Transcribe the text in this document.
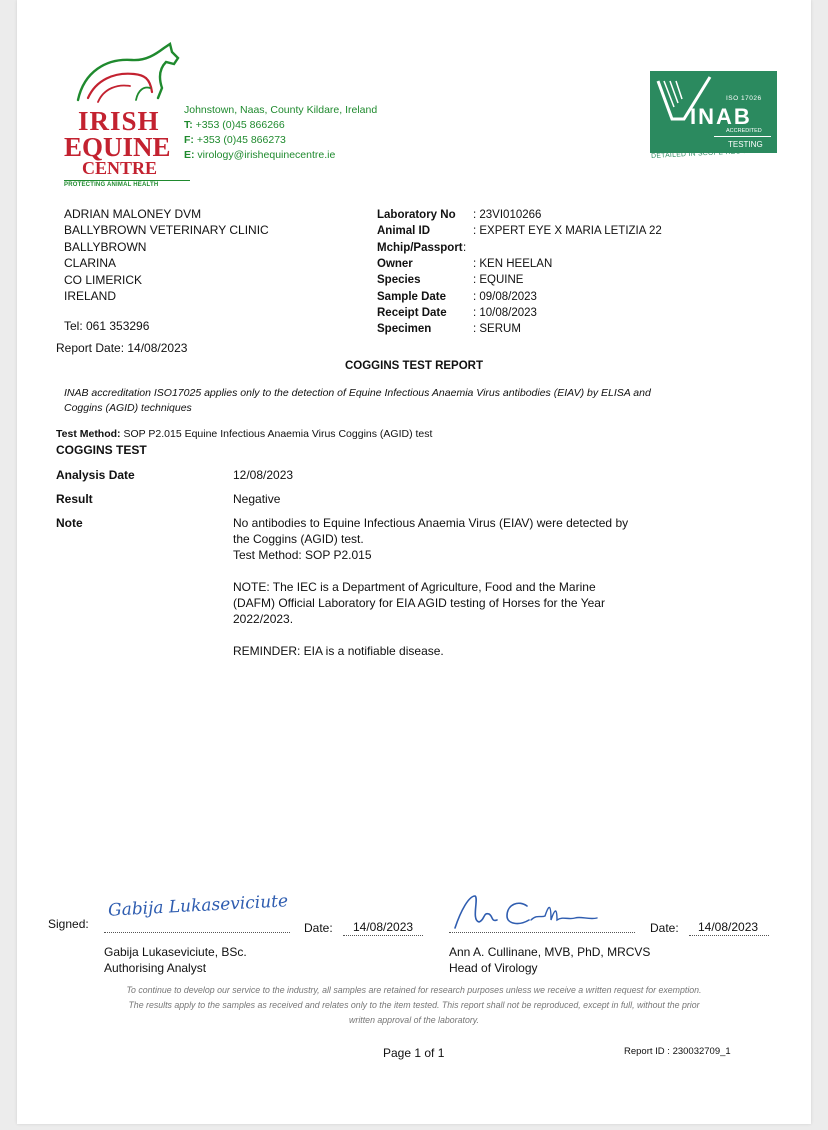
IRISH
EQUINE
CENTRE
PROTECTING ANIMAL HEALTH
Johnstown, Naas, County Kildare, Ireland
T: +353 (0)45 866266
F: +353 (0)45 866273
E: virology@irishequinecentre.ie
ISO 17026
INAB
ACCREDITED
TESTING
DETAILED IN SCOPE REG NO.151T
ADRIAN MALONEY DVM
BALLYBROWN VETERINARY CLINIC
BALLYBROWN
CLARINA
CO LIMERICK
IRELAND
Tel: 061 353296
Report Date: 14/08/2023
Laboratory No : 23VI010266
Animal ID	: EXPERT EYE X MARIA LETIZIA 22
Mchip/Passport :
Owner	: KEN HEELAN
Species	: EQUINE
Sample Date : 09/08/2023
Receipt Date : 10/08/2023
Specimen	: SERUM
COGGINS TEST REPORT
INAB accreditation ISO17025 applies only to the detection of Equine Infectious Anaemia Virus antibodies (EIAV) by ELISA and
Coggins (AGID) techniques
Test Method: SOP P2.015 Equine Infectious Anaemia Virus Coggins (AGID) test
COGGINS TEST
Analysis Date	12/08/2023
Result	Negative
Note	No antibodies to Equine Infectious Anaemia Virus (EIAV) were detected by
the Coggins (AGID) test.
Test Method: SOP P2.015
NOTE: The IEC is a Department of Agriculture, Food and the Marine
(DAFM) Official Laboratory for EIA AGID testing of Horses for the Year
2022/2023.
REMINDER: EIA is a notifiable disease.
Signed:
Gabija Lukaseviciute
Date: 14/08/2023
Gabija Lukaseviciute, BSc.
Authorising Analyst
Date: 14/08/2023
Ann A. Cullinane, MVB, PhD, MRCVS
Head of Virology
To continue to develop our service to the industry, all samples are retained for research purposes unless we receive a written request for exemption.
The results apply to the samples as received and relates only to the item tested. This report shall not be reproduced, except in full, without the prior
written approval of the laboratory.
Page 1 of 1	Report ID : 230032709_1
